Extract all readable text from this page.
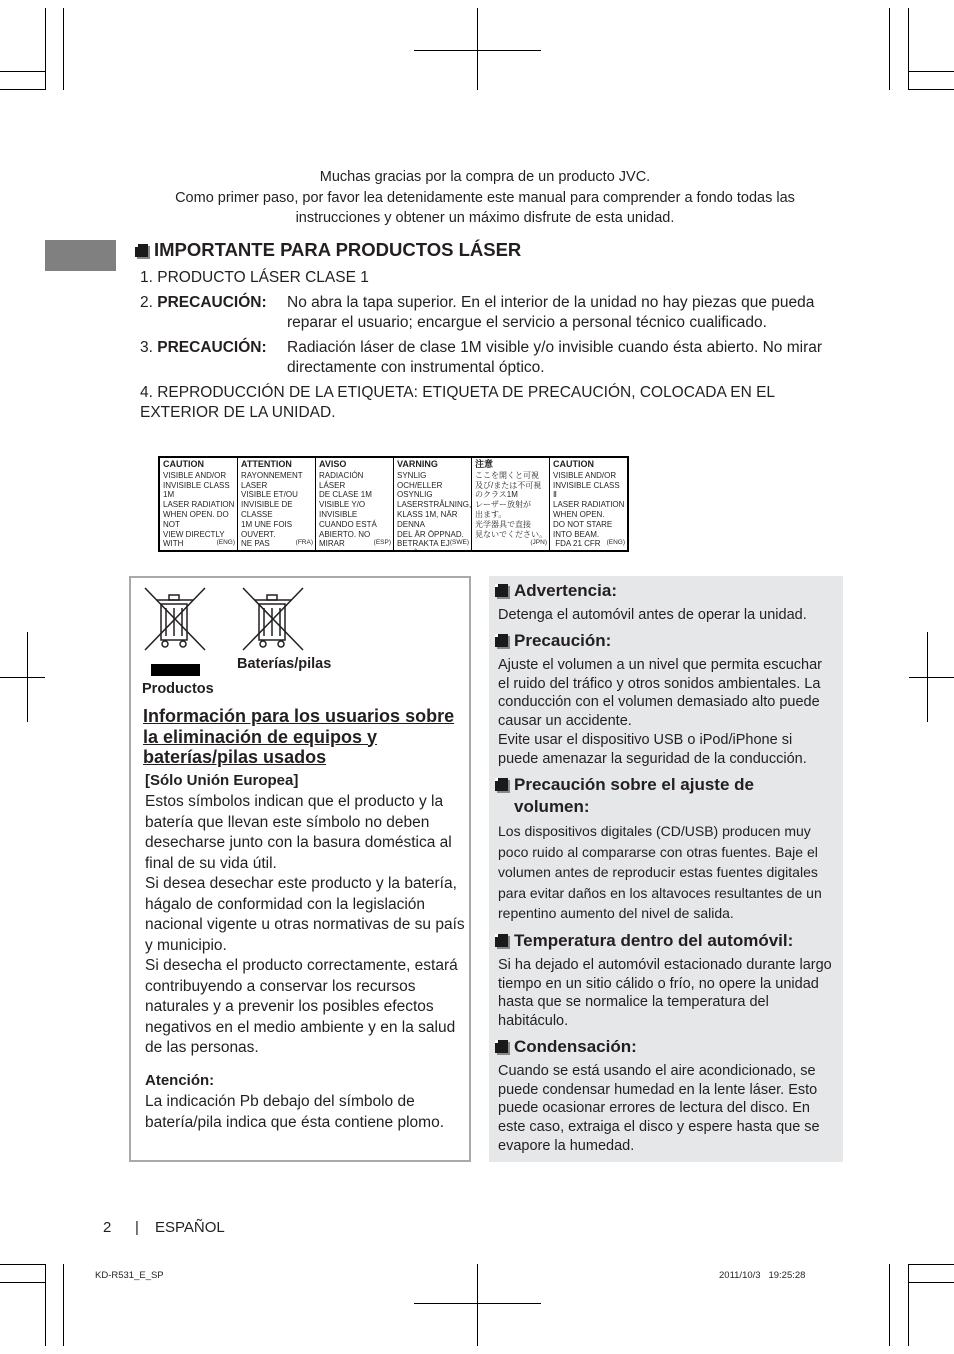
Muchas gracias por la compra de un producto JVC.
Como primer paso, por favor lea detenidamente este manual para comprender a fondo todas las
instrucciones y obtener un máximo disfrute de esta unidad.
IMPORTANTE PARA PRODUCTOS LÁSER
1. PRODUCTO LÁSER CLASE 1
2. PRECAUCIÓN: No abra la tapa superior. En el interior de la unidad no hay piezas que pueda reparar el usuario; encargue el servicio a personal técnico cualificado.
3. PRECAUCIÓN: Radiación láser de clase 1M visible y/o invisible cuando ésta abierto. No mirar directamente con instrumental óptico.
4. REPRODUCCIÓN DE LA ETIQUETA: ETIQUETA DE PRECAUCIÓN, COLOCADA EN EL EXTERIOR DE LA UNIDAD.
CAUTION
VISIBLE AND/OR
INVISIBLE CLASS 1M
LASER RADIATION
WHEN OPEN. DO NOT
VIEW DIRECTLY WITH

	(ENG)
ATTENTION
RAYONNEMENT LASER
VISIBLE ET/OU
INVISIBLE DE CLASSE
1M UNE FOIS OUVERT.
NE PAS

	(FRA)
AVISO
RADIACIÓN LÁSER
DE CLASE 1M
VISIBLE Y/O INVISIBLE
CUANDO ESTÁ
ABIERTO. NO MIRAR

	(ESP)
VARNING
SYNLIG OCH/ELLER
OSYNLIG
LASERSTRÅLNING,
KLASS 1M, NÄR DENNA
DEL ÄR ÖPPNAD.
BETRAKTA EJ
(SWE)
注意
ここを開くと可視
及び/または不可視
のクラス1M
レーザー放射が
出ます。
光学器具で直接
見ないでください。
(JPN)
CAUTION
VISIBLE AND/OR
INVISIBLE CLASS Ⅱ
LASER RADIATION
WHEN OPEN.
DO NOT STARE
INTO BEAM.
FDA 21 CFR (ENG)
Baterías/pilas
Productos
Información para los usuarios sobre la eliminación de equipos y baterías/pilas usados
[Sólo Unión Europea]
Estos símbolos indican que el producto y la batería que llevan este símbolo no deben desecharse junto con la basura doméstica al final de su vida útil.
Si desea desechar este producto y la batería, hágalo de conformidad con la legislación nacional vigente u otras normativas de su país y municipio.
Si desecha el producto correctamente, estará contribuyendo a conservar los recursos naturales y a prevenir los posibles efectos negativos en el medio ambiente y en la salud de las personas.
Atención:
La indicación Pb debajo del símbolo de batería/pila indica que ésta contiene plomo.
Advertencia:
Detenga el automóvil antes de operar la unidad.
Precaución:
Ajuste el volumen a un nivel que permita escuchar el ruido del tráfico y otros sonidos ambientales. La conducción con el volumen demasiado alto puede causar un accidente.
Evite usar el dispositivo USB o iPod/iPhone si puede amenazar la seguridad de la conducción.
Precaución sobre el ajuste de volumen:
Los dispositivos digitales (CD/USB) producen muy poco ruido al compararse con otras fuentes. Baje el volumen antes de reproducir estas fuentes digitales para evitar daños en los altavoces resultantes de un repentino aumento del nivel de salida.
Temperatura dentro del automóvil:
Si ha dejado el automóvil estacionado durante largo tiempo en un sitio cálido o frío, no opere la unidad hasta que se normalice la temperatura del habitáculo.
Condensación:
Cuando se está usando el aire acondicionado, se puede condensar humedad en la lente láser. Esto puede ocasionar errores de lectura del disco. En este caso, extraiga el disco y espere hasta que se evapore la humedad.
2 | ESPAÑOL
KD-R531_E_SP	2011/10/3   19:25:28
